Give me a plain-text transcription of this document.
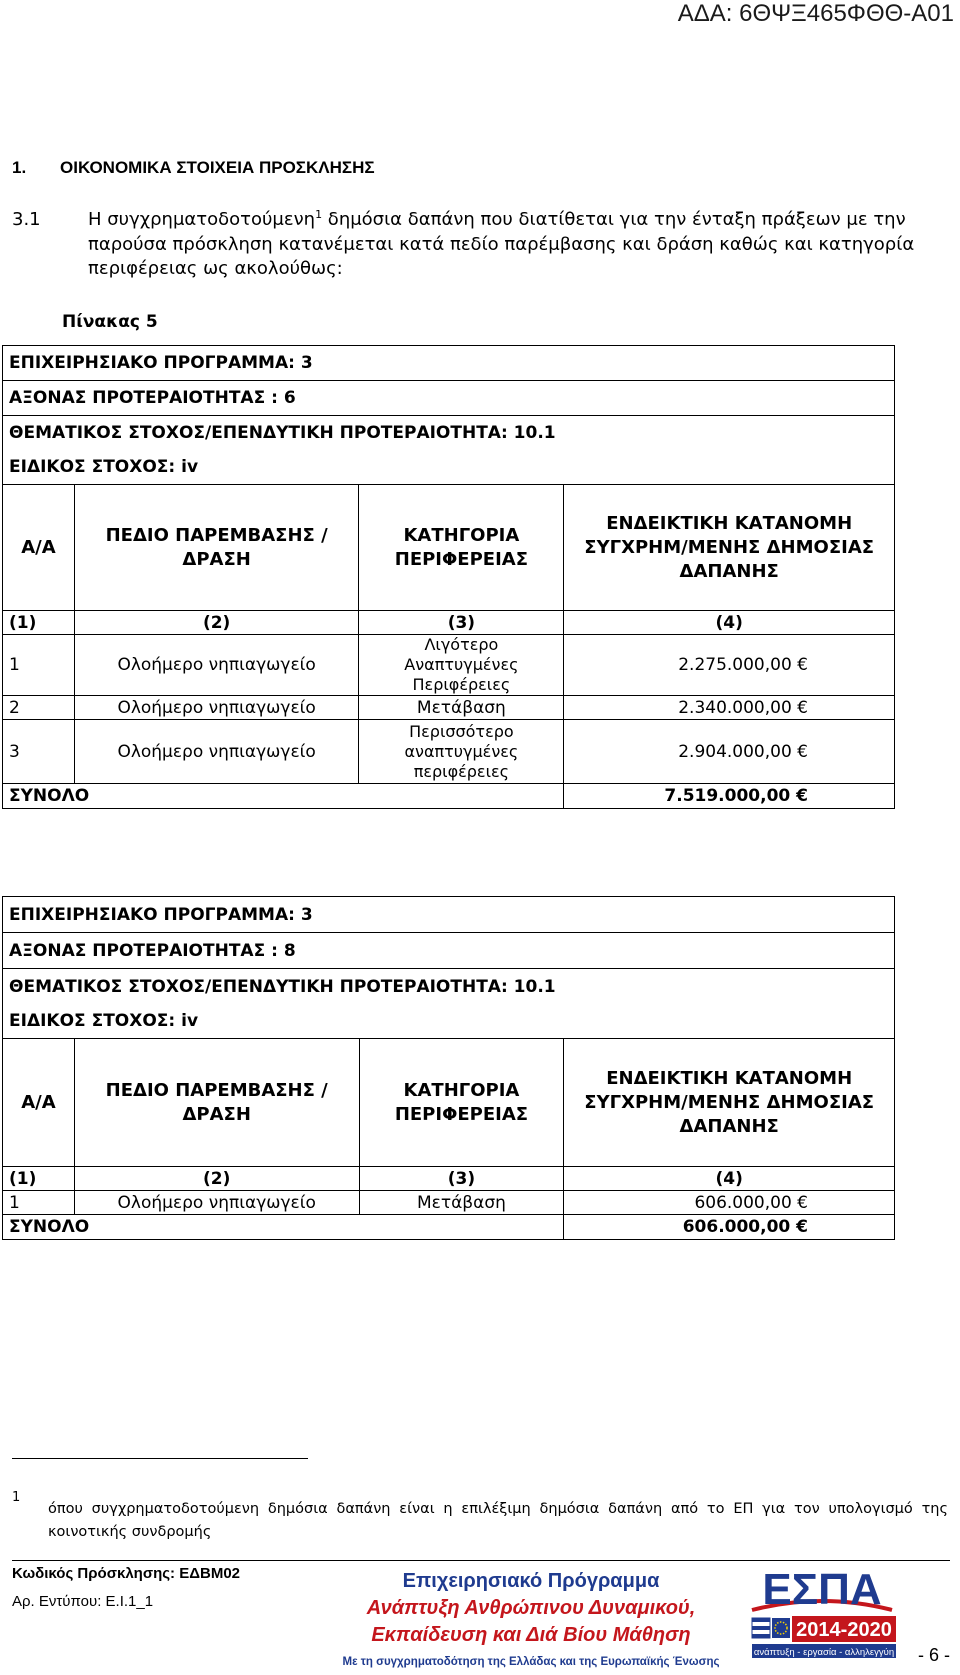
ΑΔΑ: 6ΘΨΞ465ΦΘΘ-Α01
1. ΟΙΚΟΝΟΜΙΚΑ ΣΤΟΙΧΕΙΑ ΠΡΟΣΚΛΗΣΗΣ
3.1	Η συγχρηματοδοτούμενη$^1$ δημόσια δαπάνη που διατίθεται για την ένταξη πράξεων με την
παρούσα πρόσκληση κατανέμεται κατά πεδίο παρέμβασης και δράση καθώς και κατηγορία
περιφέρειας ως ακολούθως:
Πίνακας 5
ΕΠΙΧΕΙΡΗΣΙΑΚΟ ΠΡΟΓΡΑΜΜΑ: 3			
ΑΞΟΝΑΣ ΠΡΟΤΕΡΑΙΟΤΗΤΑΣ : 6			
ΘΕΜΑΤΙΚΟΣ ΣΤΟΧΟΣ/ΕΠΕΝΔΥΤΙΚΗ ΠΡΟΤΕΡΑΙΟΤΗΤΑ: 10.1			
ΕΙΔΙΚΟΣ ΣΤΟΧΟΣ: iv			
Α/Α	ΠΕΔΙΟ ΠΑΡΕΜΒΑΣΗΣ / ΔΡΑΣΗ	ΚΑΤΗΓΟΡΙΑ ΠΕΡΙΦΕΡΕΙΑΣ	ΕΝΔΕΙΚΤΙΚΗ ΚΑΤΑΝΟΜΗ ΣΥΓΧΡΗΜ/ΜΕΝΗΣ ΔΗΜΟΣΙΑΣ ΔΑΠΑΝΗΣ
(1)	(2)	(3)	(4)
1	Ολοήμερο νηπιαγωγείο	Λιγότερο Αναπτυγμένες Περιφέρειες	2.275.000,00 €
2	Ολοήμερο νηπιαγωγείο	Μετάβαση	2.340.000,00 €
3	Ολοήμερο νηπιαγωγείο	Περισσότερο αναπτυγμένες περιφέρειες	2.904.000,00 €
ΣΥΝΟΛΟ			7.519.000,00 €
ΕΠΙΧΕΙΡΗΣΙΑΚΟ ΠΡΟΓΡΑΜΜΑ: 3			
ΑΞΟΝΑΣ ΠΡΟΤΕΡΑΙΟΤΗΤΑΣ : 8			
ΘΕΜΑΤΙΚΟΣ ΣΤΟΧΟΣ/ΕΠΕΝΔΥΤΙΚΗ ΠΡΟΤΕΡΑΙΟΤΗΤΑ: 10.1			
ΕΙΔΙΚΟΣ ΣΤΟΧΟΣ: iv			
Α/Α	ΠΕΔΙΟ ΠΑΡΕΜΒΑΣΗΣ / ΔΡΑΣΗ	ΚΑΤΗΓΟΡΙΑ ΠΕΡΙΦΕΡΕΙΑΣ	ΕΝΔΕΙΚΤΙΚΗ ΚΑΤΑΝΟΜΗ ΣΥΓΧΡΗΜ/ΜΕΝΗΣ ΔΗΜΟΣΙΑΣ ΔΑΠΑΝΗΣ
(1)	(2)	(3)	(4)
1	Ολοήμερο νηπιαγωγείο	Μετάβαση	606.000,00 €
ΣΥΝΟΛΟ			606.000,00 €
1
όπου συγχρηματοδοτούμενη δημόσια δαπάνη είναι η επιλέξιμη δημόσια δαπάνη από το ΕΠ για τον υπολογισμό της κοινοτικής συνδρομής
Κωδικός Πρόσκλησης: ΕΔΒΜ02
Αρ. Εντύπου: Ε.Ι.1_1
Επιχειρησιακό Πρόγραμμα
Ανάπτυξη Ανθρώπινου Δυναμικού,
Εκπαίδευση και Διά Βίου Μάθηση
Με τη συγχρηματοδότηση της Ελλάδας και της Ευρωπαϊκής Ένωσης
ΕΣΠΑ
2014-2020
ανάπτυξη - εργασία - αλληλεγγύη - 6 -
